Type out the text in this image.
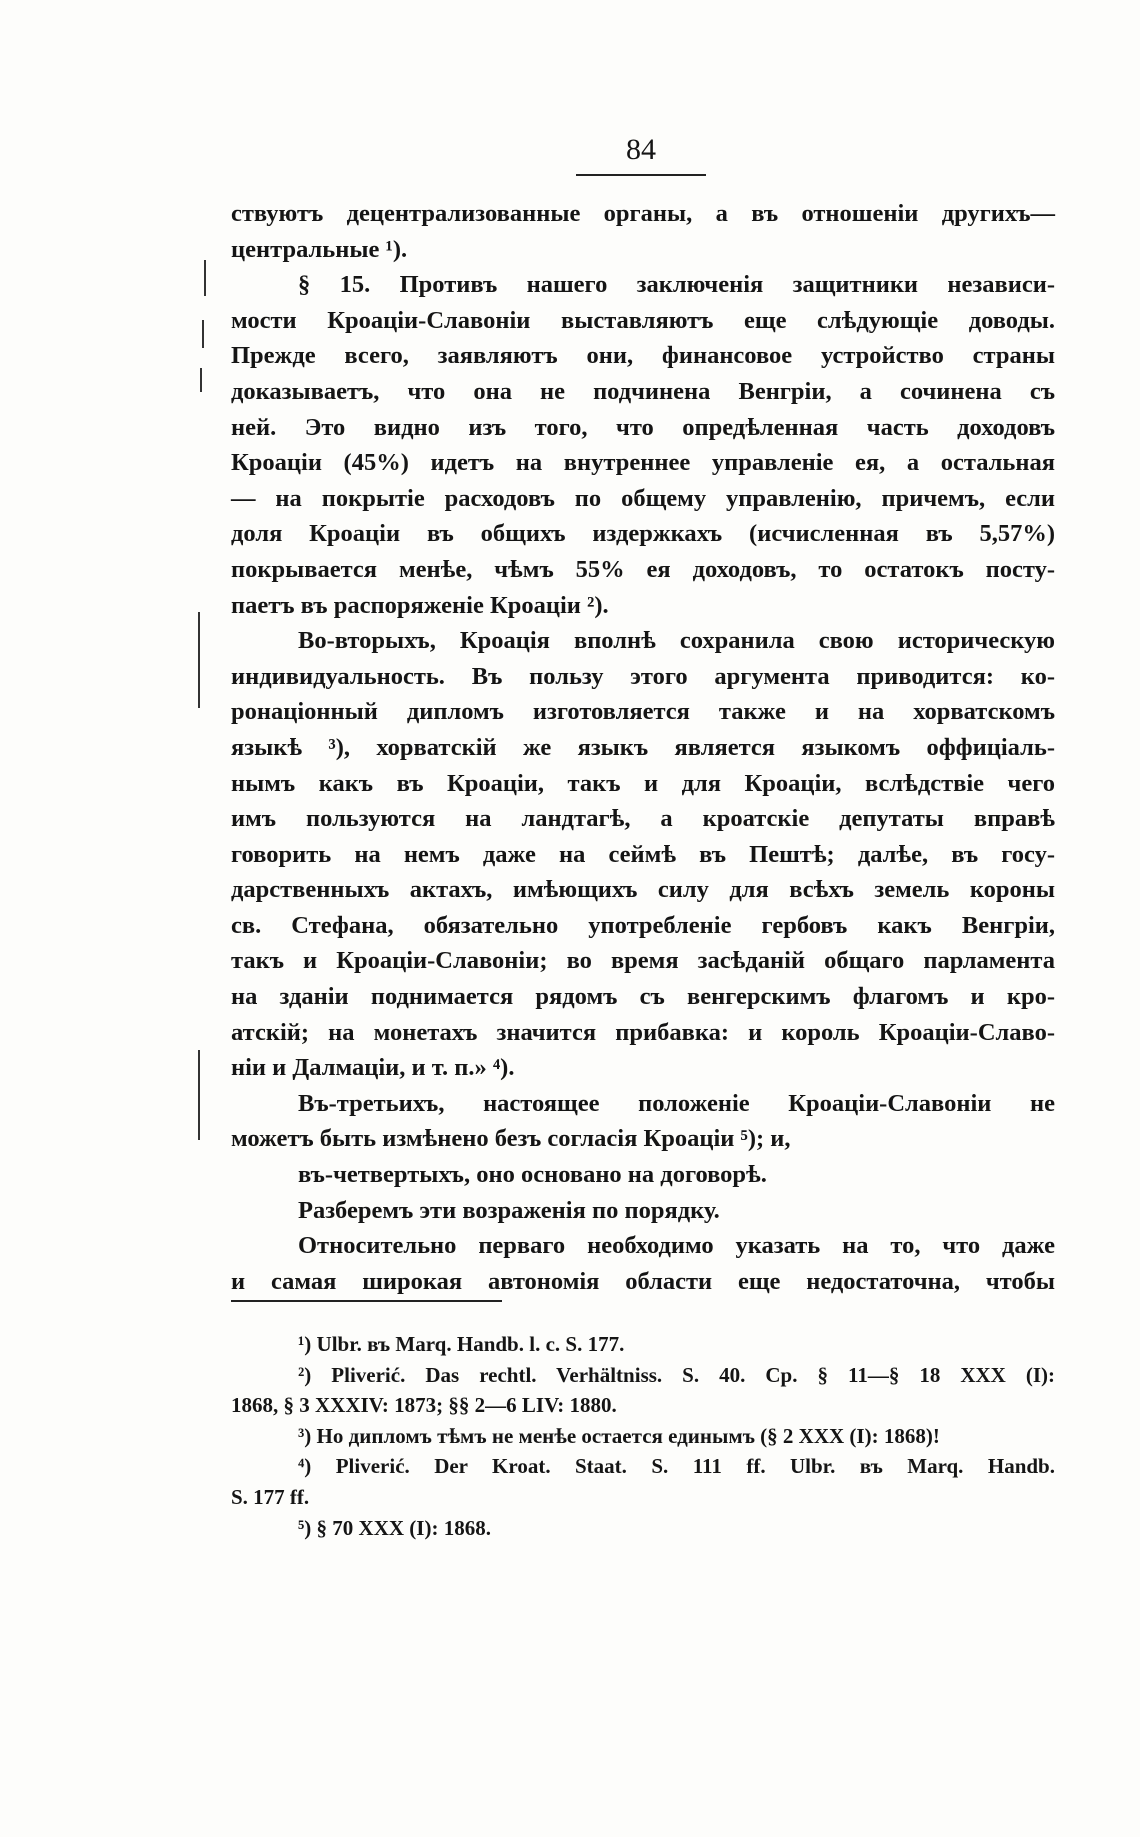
84
ствуютъ децентрализованные органы, а въ отношеніи другихъ—
центральные ¹).
§ 15. Противъ нашего заключенія защитники независи-
мости Кроаціи-Славоніи выставляютъ еще слѣдующіе доводы.
Прежде всего, заявляютъ они, финансовое устройство страны
доказываетъ, что она не подчинена Венгріи, а сочинена съ
ней. Это видно изъ того, что опредѣленная часть доходовъ
Кроаціи (45%) идетъ на внутреннее управленіе ея, а остальная
— на покрытіе расходовъ по общему управленію, причемъ, если
доля Кроаціи въ общихъ издержкахъ (исчисленная въ 5,57%)
покрывается менѣе, чѣмъ 55% ея доходовъ, то остатокъ посту-
паетъ въ распоряженіе Кроаціи ²).
Во-вторыхъ, Кроація вполнѣ сохранила свою историческую
индивидуальность. Въ пользу этого аргумента приводится: ко-
ронаціонный дипломъ изготовляется также и на хорватскомъ
языкѣ ³), хорватскій же языкъ является языкомъ оффиціаль-
нымъ какъ въ Кроаціи, такъ и для Кроаціи, вслѣдствіе чего
имъ пользуются на ландтагѣ, а кроатскіе депутаты вправѣ
говорить на немъ даже на сеймѣ въ Пештѣ; далѣе, въ госу-
дарственныхъ актахъ, имѣющихъ силу для всѣхъ земель короны
св. Стефана, обязательно употребленіе гербовъ какъ Венгріи,
такъ и Кроаціи-Славоніи; во время засѣданій общаго парламента
на зданіи поднимается рядомъ съ венгерскимъ флагомъ и кро-
атскій; на монетахъ значится прибавка: и король Кроаціи-Славо-
ніи и Далмаціи, и т. п.» ⁴).
Въ-третьихъ, настоящее положеніе Кроаціи-Славоніи не
можетъ быть измѣнено безъ согласія Кроаціи ⁵); и,
въ-четвертыхъ, оно основано на договорѣ.
Разберемъ эти возраженія по порядку.
Относительно перваго необходимо указать на то, что даже
и самая широкая автономія области еще недостаточна, чтобы
¹) Ulbr. въ Marq. Handb. l. c. S. 177.
²) Pliverić. Das rechtl. Verhältniss. S. 40. Ср. § 11—§ 18 XXX (I):
1868, § 3 XXXIV: 1873; §§ 2—6 LIV: 1880.
³) Но дипломъ тѣмъ не менѣе остается единымъ (§ 2 XXX (I): 1868)!
⁴) Pliverić. Der Kroat. Staat. S. 111 ff. Ulbr. въ Marq. Handb.
S. 177 ff.
⁵) § 70 XXX (I): 1868.
